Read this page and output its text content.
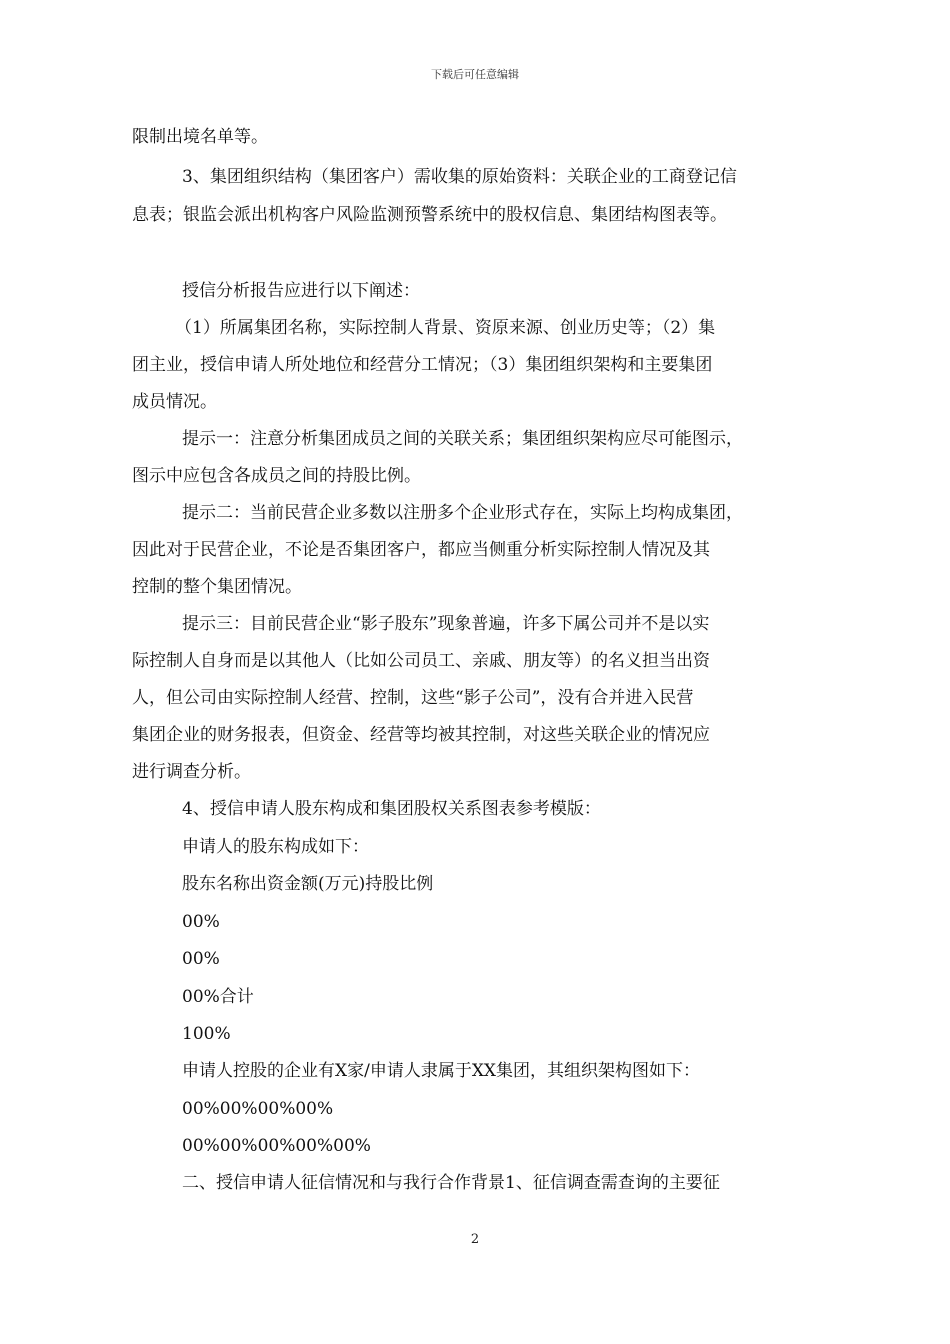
下载后可任意编辑
限制出境名单等。
3、集团组织结构（集团客户）需收集的原始资料：关联企业的工商登记信
息表；银监会派出机构客户风险监测预警系统中的股权信息、集团结构图表等。
授信分析报告应进行以下阐述：
（1）所属集团名称，实际控制人背景、资原来源、创业历史等；（2）集
团主业，授信申请人所处地位和经营分工情况；（3）集团组织架构和主要集团
成员情况。
提示一：注意分析集团成员之间的关联关系；集团组织架构应尽可能图示，
图示中应包含各成员之间的持股比例。
提示二：当前民营企业多数以注册多个企业形式存在，实际上均构成集团，
因此对于民营企业，不论是否集团客户，都应当侧重分析实际控制人情况及其
控制的整个集团情况。
提示三：目前民营企业“影子股东”现象普遍，许多下属公司并不是以实
际控制人自身而是以其他人（比如公司员工、亲戚、朋友等）的名义担当出资
人，但公司由实际控制人经营、控制，这些“影子公司”，没有合并进入民营
集团企业的财务报表，但资金、经营等均被其控制，对这些关联企业的情况应
进行调查分析。
4、授信申请人股东构成和集团股权关系图表参考模版：
申请人的股东构成如下：
股东名称出资金额(万元)持股比例
00%
00%
00%合计
100%
申请人控股的企业有X家/申请人隶属于XX集团，其组织架构图如下：
00%00%00%00%
00%00%00%00%00%
二、授信申请人征信情况和与我行合作背景1、征信调查需查询的主要征
2
